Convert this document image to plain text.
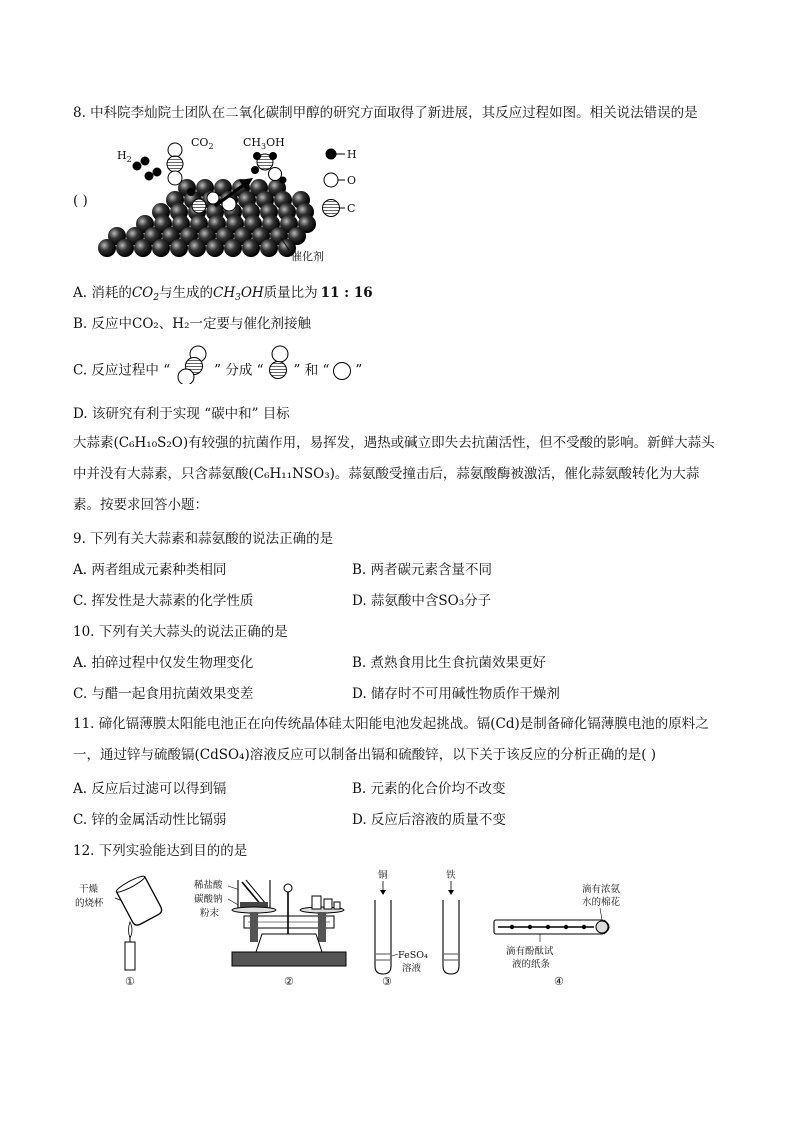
8. 中科院李灿院士团队在二氧化碳制甲醇的研究方面取得了新进展，其反应过程如图。相关说法错误的是
( )
$H_2$
$CO_2$	$CH_3OH$
H
O
C
催化剂
A. 消耗的$CO_2$与生成的$CH_3OH$质量比为 11 : 16
B. 反应中CO₂、H₂一定要与催化剂接触
C. 反应过程中 “	” 分成 “ ” 和 “ ”
D. 该研究有利于实现 “碳中和” 目标
大蒜素(C₆H₁₀S₂O)有较强的抗菌作用，易挥发，遇热或碱立即失去抗菌活性，但不受酸的影响。新鲜大蒜头中并没有大蒜素，只含蒜氨酸(C₆H₁₁NSO₃)。蒜氨酸受撞击后，蒜氨酸酶被激活，催化蒜氨酸转化为大蒜素。按要求回答小题：
9. 下列有关大蒜素和蒜氨酸的说法正确的是
A. 两者组成元素种类相同	B. 两者碳元素含量不同
C. 挥发性是大蒜素的化学性质	D. 蒜氨酸中含SO₃分子
10. 下列有关大蒜头的说法正确的是
A. 拍碎过程中仅发生物理变化	B. 煮熟食用比生食抗菌效果更好
C. 与醋一起食用抗菌效果变差	D. 储存时不可用碱性物质作干燥剂
11. 碲化镉薄膜太阳能电池正在向传统晶体硅太阳能电池发起挑战。镉(Cd)是制备碲化镉薄膜电池的原料之一，通过锌与硫酸镉(CdSO₄)溶液反应可以制备出镉和硫酸锌，以下关于该反应的分析正确的是( )
A. 反应后过滤可以得到镉	B. 元素的化合价均不改变
C. 锌的金属活动性比镉弱	D. 反应后溶液的质量不变
12. 下列实验能达到目的的是
干燥
的烧杯
①
稀盐酸
碳酸钠
粉末
②
铜	铁
FeSO₄
溶液
③
滴有浓氨
水的棉花
滴有酚酞试
液的纸条
④
